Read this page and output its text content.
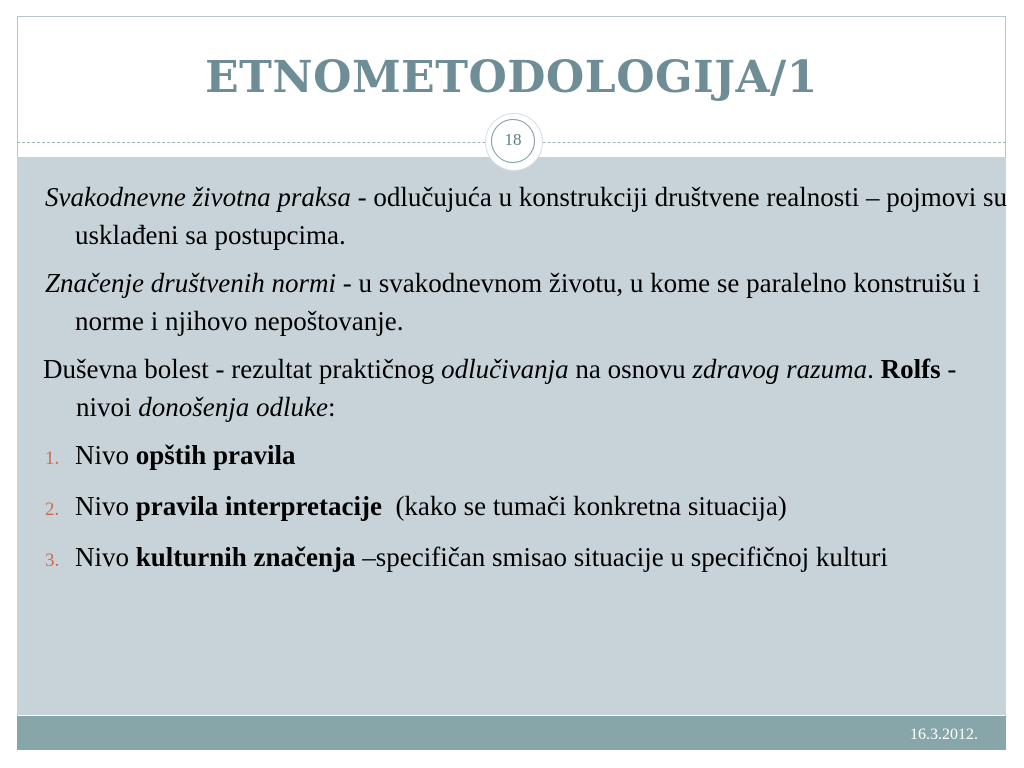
ETNOMETODOLOGIJA/1
18
Svakodnevne životna praksa - odlučujuća u konstrukciji društvene realnosti – pojmovi su usklađeni sa postupcima.
Značenje društvenih normi - u svakodnevnom životu, u kome se paralelno konstruišu i norme i njihovo nepoštovanje.
Duševna bolest - rezultat praktičnog odlučivanja na osnovu zdravog razuma. Rolfs - nivoi donošenja odluke:
1. Nivo opštih pravila
2. Nivo pravila interpretacije  (kako se tumači konkretna situacija)
3. Nivo kulturnih značenja –specifičan smisao situacije u specifičnoj kulturi
16.3.2012.
